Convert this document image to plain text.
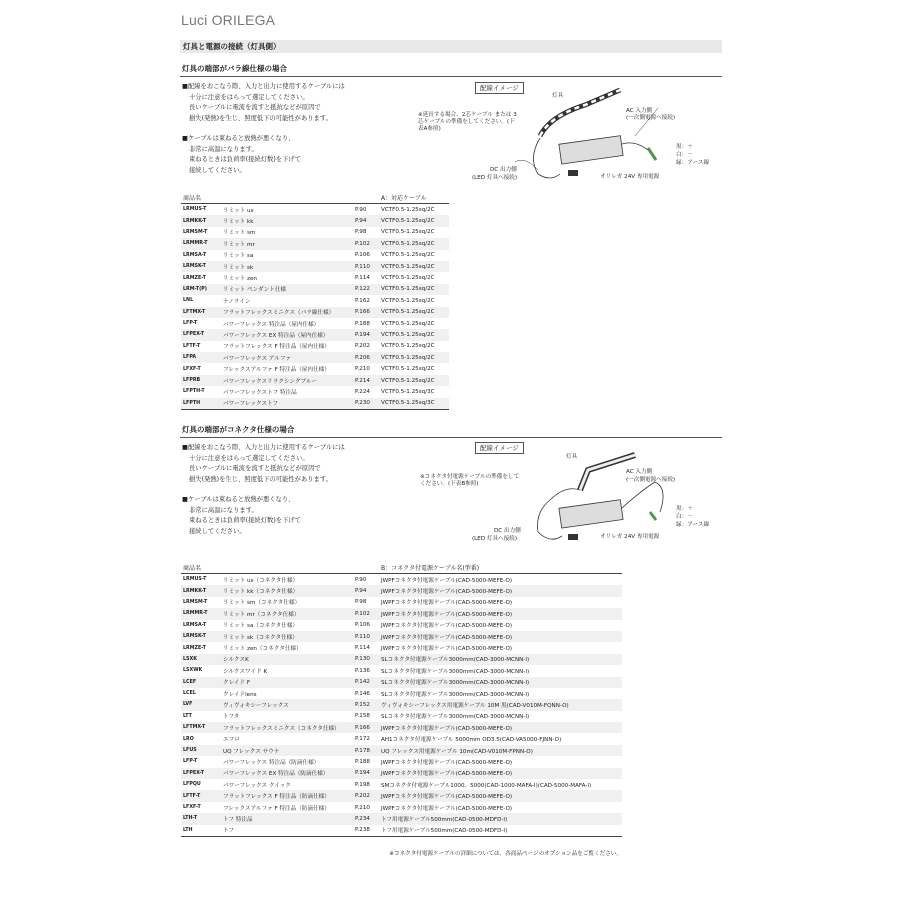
Luci ORILEGA
灯具と電源の接続（灯具側）
灯具の端部がバラ線仕様の場合
■配線をおこなう際、入力と出力に使用するケーブルには
十分に注意をはらって選定してください。
長いケーブルに電流を流すと抵抗などが原因で
損失(発熱)を生じ、照度低下の可能性があります。
■ケーブルは束ねると放熱が悪くなり、
非常に高温になります。
束ねるときは負荷率(接続灯数)を下げて
接続してください。
配線イメージ
灯具
※延長する場合、2芯ケーブル または 3芯ケーブルの準備をしてください。(下表A参照)
AC 入力側
(一次側電源へ接続)
DC 出力側
(LED 灯具へ接続)	オリレガ 24V 専用電源
黒：＋
白：－
緑：アース線
商品名			A：対応ケーブル
LRMUS-T	リミット us	P.90	VCTF0.5-1.25sq/2C
LRMKK-T	リミット kk	P.94	VCTF0.5-1.25sq/2C
LRMSM-T	リミット sm	P.98	VCTF0.5-1.25sq/2C
LRMMR-T	リミット mr	P.102	VCTF0.5-1.25sq/2C
LRMSA-T	リミット sa	P.106	VCTF0.5-1.25sq/2C
LRMSK-T	リミット sk	P.110	VCTF0.5-1.25sq/2C
LRMZE-T	リミット zen	P.114	VCTF0.5-1.25sq/2C
LRM-T(P)	リミット ペンダント仕様	P.122	VCTF0.5-1.25sq/2C
LNL	ナノライン	P.162	VCTF0.5-1.25sq/2C
LFTMX-T	フラットフレックスミニクス（バラ線仕様）	P.166	VCTF0.5-1.25sq/2C
LFP-T	パワーフレックス 特注品（屋内仕様）	P.188	VCTF0.5-1.25sq/2C
LFPEX-T	パワーフレックス EX 特注品（屋内仕様）	P.194	VCTF0.5-1.25sq/2C
LFTF-T	フラットフレックス F 特注品（屋内仕様）	P.202	VCTF0.5-1.25sq/2C
LFPA	パワーフレックス アルファ	P.206	VCTF0.5-1.25sq/2C
LFXF-T	フレックスアルファ F 特注品（屋内仕様）	P.210	VCTF0.5-1.25sq/2C
LFPRB	パワーフレックスリラクシングブルー	P.214	VCTF0.5-1.25sq/2C
LFPTH-T	パワーフレックストフ 特注品	P.224	VCTF0.5-1.25sq/3C
LFPTH	パワーフレックストフ	P.230	VCTF0.5-1.25sq/3C
灯具の端部がコネクタ仕様の場合
■配線をおこなう際、入力と出力に使用するケーブルには
十分に注意をはらって選定してください。
長いケーブルに電流を流すと抵抗などが原因で
損失(発熱)を生じ、照度低下の可能性があります。
■ケーブルは束ねると放熱が悪くなり、
非常に高温になります。
束ねるときは負荷率(接続灯数)を下げて
接続してください。
配線イメージ
灯具
※コネクタ付電源ケーブルの準備をしてください。(下表B参照)
AC 入力側
(一次側電源へ接続)
DC 出力側
(LED 灯具へ接続)	オリレガ 24V 専用電源
黒：＋
白：－
緑：アース線
商品名			B：コネクタ付電源ケーブル名(型番)
LRMUS-T	リミット us（コネクタ仕様）	P.90	JWPFコネクタ付電源ケーブル(CAD-5000-MEFE-O)
LRMKK-T	リミット kk（コネクタ仕様）	P.94	JWPFコネクタ付電源ケーブル(CAD-5000-MEFE-O)
LRMSM-T	リミット sm（コネクタ仕様）	P.98	JWPFコネクタ付電源ケーブル(CAD-5000-MEFE-O)
LRMMR-T	リミット mr（コネクタ仕様）	P.102	JWPFコネクタ付電源ケーブル(CAD-5000-MEFE-O)
LRMSA-T	リミット sa（コネクタ仕様）	P.106	JWPFコネクタ付電源ケーブル(CAD-5000-MEFE-O)
LRMSK-T	リミット sk（コネクタ仕様）	P.110	JWPFコネクタ付電源ケーブル(CAD-5000-MEFE-O)
LRMZE-T	リミット zen（コネクタ仕様）	P.114	JWPFコネクタ付電源ケーブル(CAD-5000-MEFE-O)
LSXK	シルクスK	P.130	SLコネクタ付電源ケーブル3000mm(CAD-3000-MCNN-I)
LSXWK	シルクスワイド K	P.136	SLコネクタ付電源ケーブル3000mm(CAD-3000-MCNN-I)
LCEF	クレイド F	P.142	SLコネクタ付電源ケーブル3000mm(CAD-3000-MCNN-I)
LCEL	クレイドlens	P.146	SLコネクタ付電源ケーブル3000mm(CAD-3000-MCNN-I)
LVF	ヴィヴォキシーフレックス	P.152	ヴィヴォキシーフレックス用電源ケーブル 10M 黒(CAD-V010M-FQNN-O)
LTT	トフタ	P.158	SLコネクタ付電源ケーブル3000mm(CAD-3000-MCNN-I)
LFTMX-T	フラットフレックスミニクス（コネクタ仕様）	P.166	JWPFコネクタ付電源ケーブル(CAD-5000-MEFE-O)
LRO	エフロ	P.172	AH1コネクタ付電源ケーブル 5000mm OD3.5(CAD-VA5000-FJNN-O)
LFUS	UQ フレックス サウナ	P.178	UQ フレックス用電源ケーブル 10m(CAD-V010M-FPNN-O)
LFP-T	パワーフレックス 特注品（防滴仕様）	P.188	JWPFコネクタ付電源ケーブル(CAD-5000-MEFE-O)
LFPEX-T	パワーフレックス EX 特注品（防滴仕様）	P.194	JWPFコネクタ付電源ケーブル(CAD-5000-MEFE-O)
LFPQU	パワーフレックス クイック	P.198	SMコネクタ付電源ケーブル1000、5000(CAD-1000-MAFA-I)(CAD-5000-MAFA-I)
LFTF-T	フラットフレックス F 特注品（防滴仕様）	P.202	JWPFコネクタ付電源ケーブル(CAD-5000-MEFE-O)
LFXF-T	フレックスアルファ F 特注品（防滴仕様）	P.210	JWPFコネクタ付電源ケーブル(CAD-5000-MEFE-O)
LTH-T	トフ 特注品	P.234	トフ用電源ケーブル500mm(CAD-0500-MDFD-I)
LTH	トフ	P.238	トフ用電源ケーブル500mm(CAD-0500-MDFD-I)
※コネクタ付電源ケーブルの詳細については、各商品ページのオプション品をご覧ください。
